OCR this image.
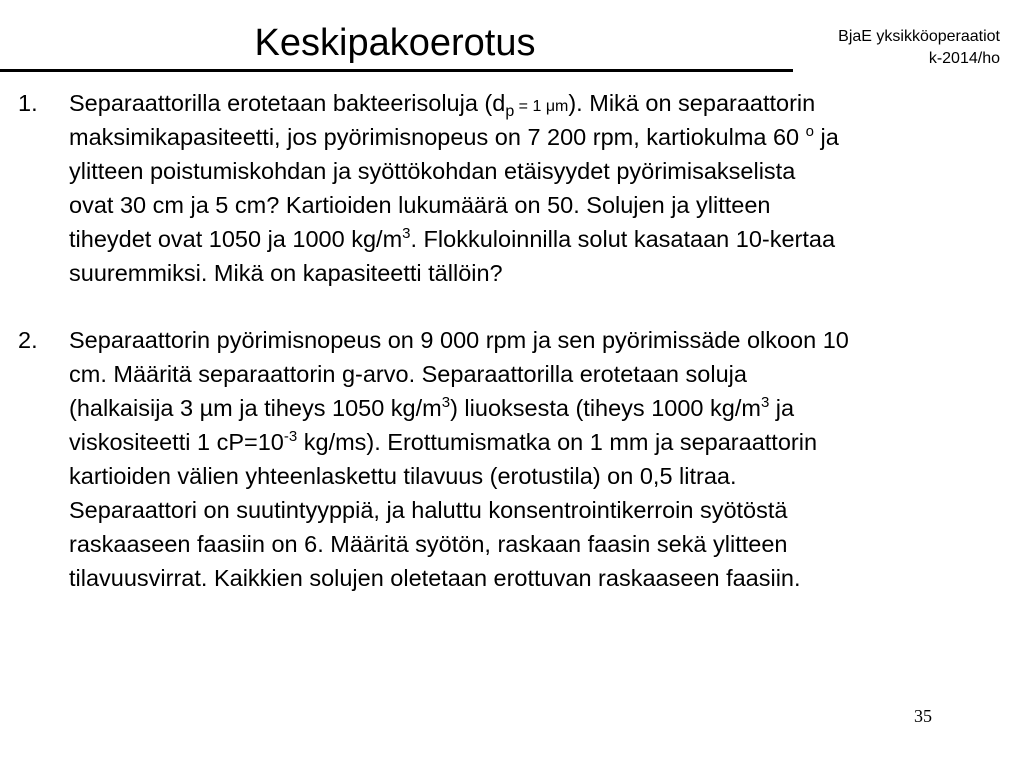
Keskipakoerotus	BjaE yksikköoperaatiot
k-2014/ho
1. Separaattorilla erotetaan bakteerisoluja ($d_p = 1$ μm). Mikä on separaattorin
maksimikapasiteetti, jos pyörimisnopeus on 7 200 rpm, kartiokulma 60 $^o$ ja
ylitteen poistumiskohdan ja syöttökohdan etäisyydet pyörimisakselista
ovat 30 cm ja 5 cm? Kartioiden lukumäärä on 50. Solujen ja ylitteen
tiheydet ovat 1050 ja 1000 $kg/m^3$. Flokkuloinnilla solut kasataan 10-kertaa
suuremmiksi. Mikä on kapasiteetti tällöin?
2. Separaattorin pyörimisnopeus on 9 000 rpm ja sen pyörimissäde olkoon 10
cm. Määritä separaattorin g-arvo. Separaattorilla erotetaan soluja
(halkaisija 3 µm ja tiheys 1050 $kg/m^3$) liuoksesta (tiheys 1000 $kg/m^3$ ja
viskositeetti 1 $cP=10^{-3}$ kg/ms). Erottumismatka on 1 mm ja separaattorin
kartioiden välien yhteenlaskettu tilavuus (erotustila) on 0,5 litraa.
Separaattori on suutintyyppiä, ja haluttu konsentrointikerroin syötöstä
raskaaseen faasiin on 6. Määritä syötön, raskaan faasin sekä ylitteen
tilavuusvirrat. Kaikkien solujen oletetaan erottuvan raskaaseen faasiin.
35
